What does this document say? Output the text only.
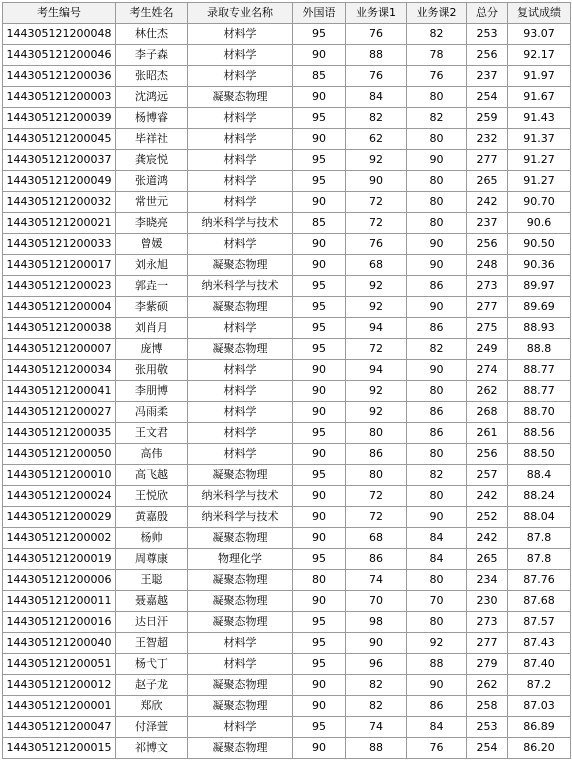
考生编号	考生姓名	录取专业名称	外国语	业务课1	业务课2	总分	复试成绩
144305121200048	林仕杰	材料学	95	76	82	253	93.07
144305121200046	李子森	材料学	90	88	78	256	92.17
144305121200036	张昭杰	材料学	85	76	76	237	91.97
144305121200003	沈鸿远	凝聚态物理	90	84	80	254	91.67
144305121200039	杨博睿	材料学	95	82	82	259	91.43
144305121200045	毕祥社	材料学	90	62	80	232	91.37
144305121200037	龚宸悦	材料学	95	92	90	277	91.27
144305121200049	张道鸿	材料学	95	90	80	265	91.27
144305121200032	常世元	材料学	90	72	80	242	90.70
144305121200021	李晓亮	纳米科学与技术	85	72	80	237	90.6
144305121200033	曾媛	材料学	90	76	90	256	90.50
144305121200017	刘永旭	凝聚态物理	90	68	90	248	90.36
144305121200023	郭垚一	纳米科学与技术	95	92	86	273	89.97
144305121200004	李紫硕	凝聚态物理	95	92	90	277	89.69
144305121200038	刘肖月	材料学	95	94	86	275	88.93
144305121200007	庞博	凝聚态物理	95	72	82	249	88.8
144305121200034	张用敬	材料学	90	94	90	274	88.77
144305121200041	李朋博	材料学	90	92	80	262	88.77
144305121200027	冯雨柔	材料学	90	92	86	268	88.70
144305121200035	王文君	材料学	95	80	86	261	88.56
144305121200050	高伟	材料学	90	86	80	256	88.50
144305121200010	高飞越	凝聚态物理	95	80	82	257	88.4
144305121200024	王悦欣	纳米科学与技术	90	72	80	242	88.24
144305121200029	黄嘉殷	纳米科学与技术	90	72	90	252	88.04
144305121200002	杨帅	凝聚态物理	90	68	84	242	87.8
144305121200019	周尊康	物理化学	95	86	84	265	87.8
144305121200006	王聪	凝聚态物理	80	74	80	234	87.76
144305121200011	聂嘉越	凝聚态物理	90	70	70	230	87.68
144305121200016	达日汗	凝聚态物理	95	98	80	273	87.57
144305121200040	王智超	材料学	95	90	92	277	87.43
144305121200051	杨弋丁	材料学	95	96	88	279	87.40
144305121200012	赵子龙	凝聚态物理	90	82	90	262	87.2
144305121200001	郑欣	凝聚态物理	90	82	86	258	87.03
144305121200047	付泽萱	材料学	95	74	84	253	86.89
144305121200015	祁博文	凝聚态物理	90	88	76	254	86.20
